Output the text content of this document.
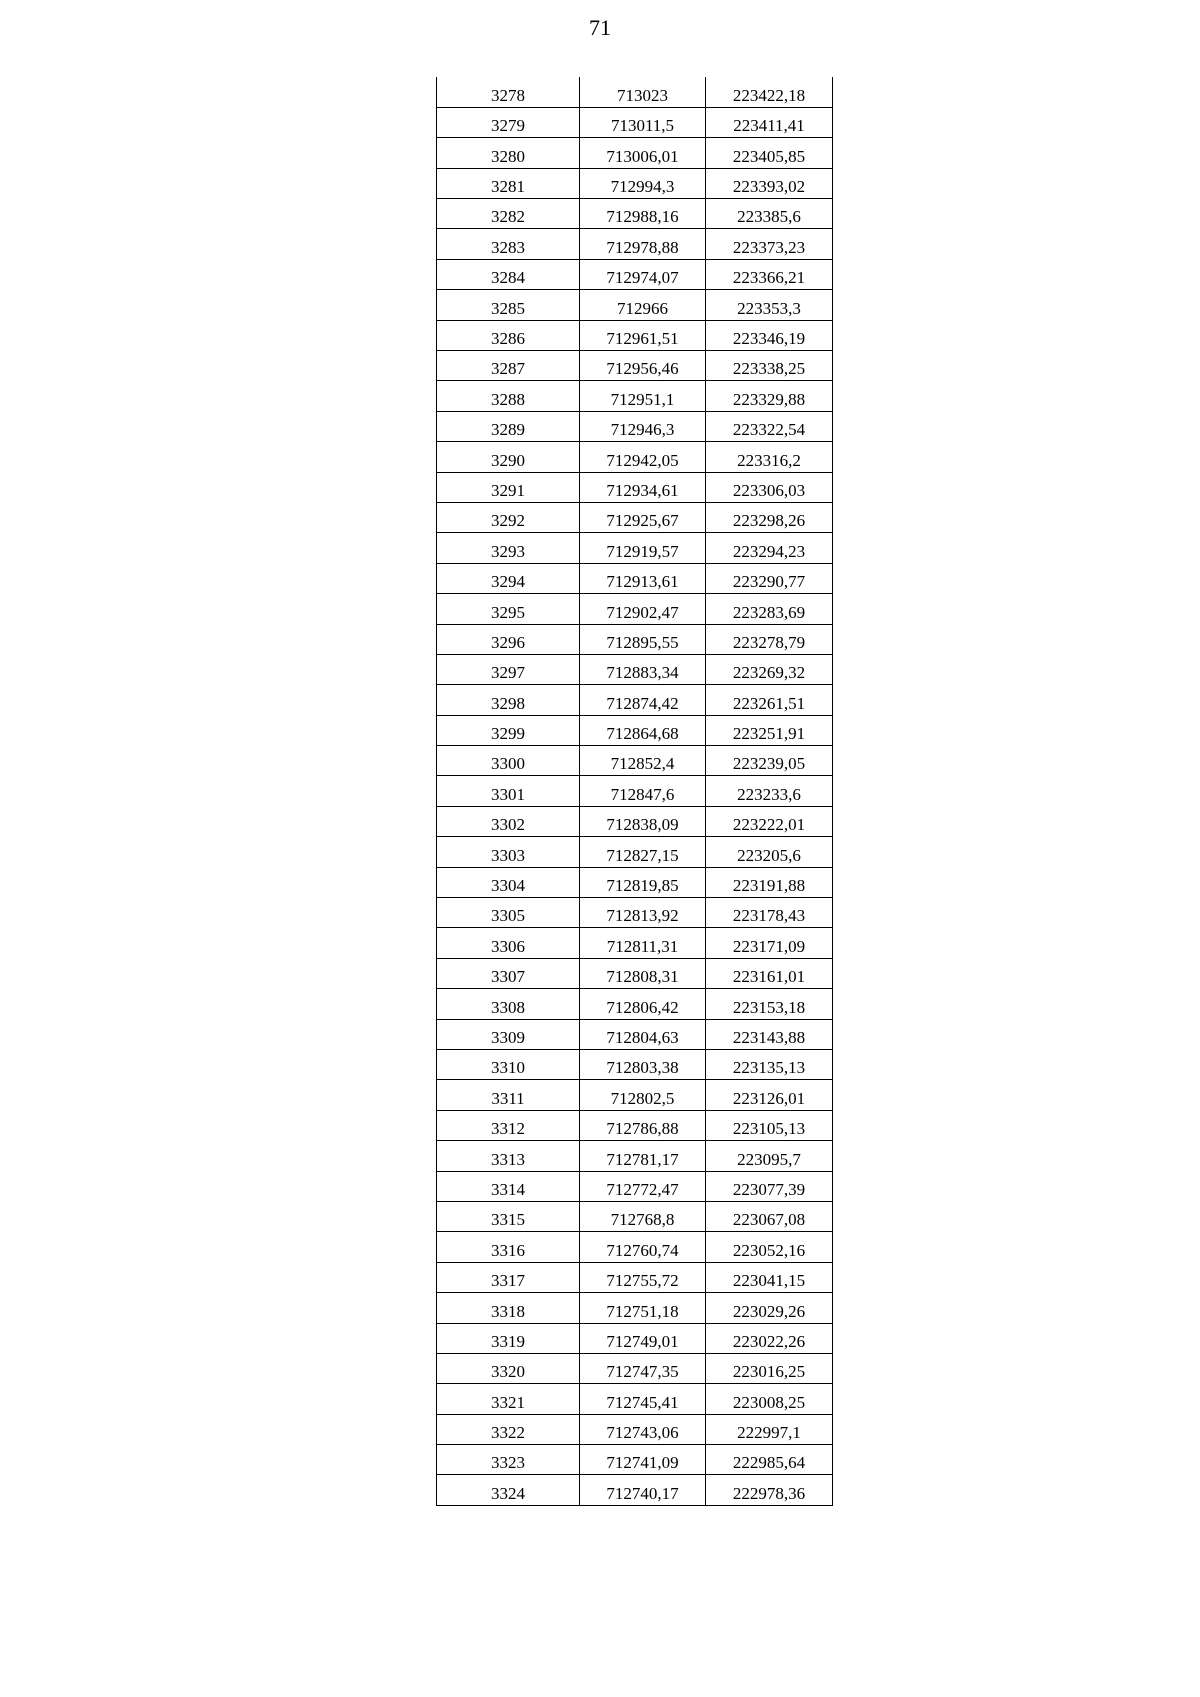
71
3278	713023	223422,18
3279	713011,5	223411,41
3280	713006,01	223405,85
3281	712994,3	223393,02
3282	712988,16	223385,6
3283	712978,88	223373,23
3284	712974,07	223366,21
3285	712966	223353,3
3286	712961,51	223346,19
3287	712956,46	223338,25
3288	712951,1	223329,88
3289	712946,3	223322,54
3290	712942,05	223316,2
3291	712934,61	223306,03
3292	712925,67	223298,26
3293	712919,57	223294,23
3294	712913,61	223290,77
3295	712902,47	223283,69
3296	712895,55	223278,79
3297	712883,34	223269,32
3298	712874,42	223261,51
3299	712864,68	223251,91
3300	712852,4	223239,05
3301	712847,6	223233,6
3302	712838,09	223222,01
3303	712827,15	223205,6
3304	712819,85	223191,88
3305	712813,92	223178,43
3306	712811,31	223171,09
3307	712808,31	223161,01
3308	712806,42	223153,18
3309	712804,63	223143,88
3310	712803,38	223135,13
3311	712802,5	223126,01
3312	712786,88	223105,13
3313	712781,17	223095,7
3314	712772,47	223077,39
3315	712768,8	223067,08
3316	712760,74	223052,16
3317	712755,72	223041,15
3318	712751,18	223029,26
3319	712749,01	223022,26
3320	712747,35	223016,25
3321	712745,41	223008,25
3322	712743,06	222997,1
3323	712741,09	222985,64
3324	712740,17	222978,36
